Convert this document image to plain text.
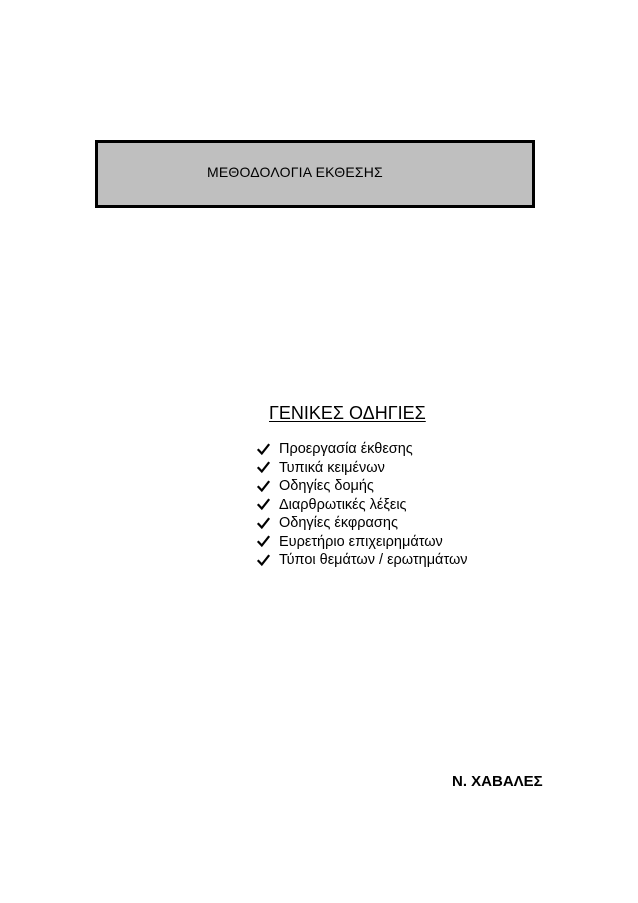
ΜΕΘΟΔΟΛΟΓΙΑ ΕΚΘΕΣΗΣ
ΓΕΝΙΚΕΣ ΟΔΗΓΙΕΣ
Προεργασία έκθεσης
Τυπικά κειμένων
Οδηγίες δομής
Διαρθρωτικές λέξεις
Οδηγίες έκφρασης
Ευρετήριο επιχειρημάτων
Τύποι θεμάτων / ερωτημάτων
Ν. ΧΑΒΑΛΕΣ
